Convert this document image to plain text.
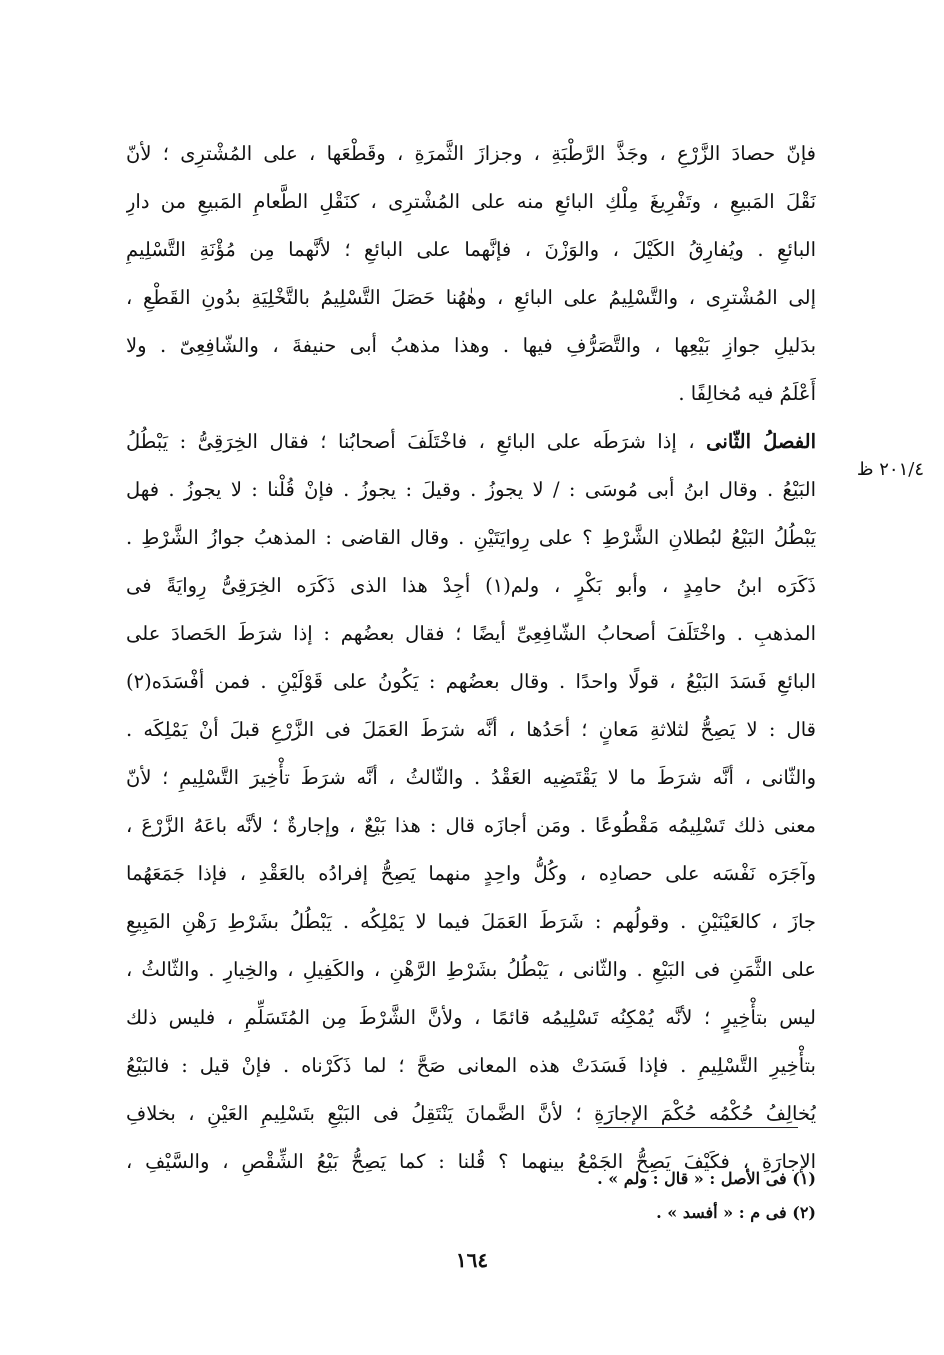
فإنّ حصادَ الزَّرْعِ ، وجَذَّ الرَّطْبَةِ ، وجزازَ الثَّمرَةِ ، وقَطْعَها ، على المُشْترِى ؛ لأنّ
نَقْلَ المَبيعِ ، وتَفْرِيغَ مِلْكِ البائعِ منه على المُشْترِى ، كنَقْلِ الطَّعامِ المَبيعِ من دارِ
البائعِ . ويُفارِقُ الكَيْلَ ، والوَزْنَ ، فإنَّهما على البائعِ ؛ لأنَّهما مِن مُؤْنَةِ التَّسْلِيمِ
إلى المُشْترِى ، والتَّسْلِيمُ على البائعِ ، وهٰهُنا حَصَلَ التَّسْلِيمُ بالتَّخْلِيَةِ بدُونِ القَطْعِ ،
بدَليلِ جوازِ بَيْعِها ، والتَّصَرُّفِ فيها . وهذا مذهبُ أبى حنيفةَ ، والشّافِعِىّ . ولا
أَعْلَمُ فيه مُخالِفًا .
الفصلُ الثّانى ، إذا شرَطَه على البائعِ ، فاخْتَلَفَ أصحابُنا ؛ فقال الخِرَقِىُّ : يَبْطُلُ
البَيْعُ . وقال ابنُ أبى مُوسَى : / لا يجوزُ . وقيلَ : يجوزُ . فإنْ قُلْنا : لا يجوزُ . فهل
يَبْطُلُ البَيْعُ لبُطلانِ الشَّرْطِ ؟ على رِوايَتَيْنِ . وقال القاضى : المذهبُ جوازُ الشَّرْطِ .
ذَكَرَه ابنُ حامِدٍ ، وأبو بَكْرٍ ، ولم(١) أجِدْ هذا الذى ذَكَرَه الخِرَقِىُّ رِوايَةً فى
المذهبِ . واخْتَلَفَ أصحابُ الشّافِعِىِّ أيضًا ؛ فقال بعضُهم : إذا شرَطَ الحَصادَ على
البائعِ فَسَدَ البَيْعُ ، قولًا واحدًا . وقال بعضُهم : يَكُونُ على قَوْلَيْنِ . فمن أفْسَدَه(٢)
قال : لا يَصِحُّ لثلاثةِ مَعانٍ ؛ أحَدُها ، أنَّه شرَطَ العَمَلَ فى الزَّرْعِ قبلَ أنْ يَمْلِكَه .
والثّانى ، أنَّه شرَطَ ما لا يَقْتَضِيه العَقْدُ . والثّالثُ ، أنَّه شرَطَ تأْخِيرَ التَّسْلِيمِ ؛ لأنّ
معنى ذلك تَسْلِيمُه مَقْطُوعًا . ومَن أجازَه قال : هذا بَيْعٌ ، وإجارةٌ ؛ لأنَّه باعَهُ الزَّرْعَ ،
وآجَرَه نَفْسَه على حصادِه ، وكُلُّ واحِدٍ منهما يَصِحُّ إفرادُه بالعَقْدِ ، فإذا جَمَعَهُما
جازَ ، كالعَيْنَيْنِ . وقولُهم : شَرَطَ العَمَلَ فيما لا يَمْلِكُه . يَبْطُلُ بشَرْطِ رَهْنِ المَبِيعِ
على الثَّمَنِ فى البَيْعِ . والثّانى ، يَبْطُلُ بشَرْطِ الرَّهْنِ ، والكَفِيلِ ، والخِيارِ . والثّالثُ ،
ليس بتأْخِيرٍ ؛ لأنَّه يُمْكِنُه تَسْلِيمُه قائمًا ، ولأنَّ الشَّرْطَ مِن المُتَسَلِّمِ ، فليس ذلك
بتأْخِيرِ التَّسْلِيمِ . فإذا فَسَدَتْ هذه المعانى صَحَّ ؛ لما ذَكَرْناه . فإنْ قيل : فالبَيْعُ
يُخالِفُ حُكْمُه حُكْمَ الإجارَةِ ؛ لأنَّ الضَّمانَ يَنْتَقِلُ فى البَيْعِ بتَسْلِيمِ العَيْنِ ، بخلافِ
الإجارَةِ ، فكَيْفَ يَصِحُّ الجَمْعُ بينهما ؟ قُلنا : كما يَصِحُّ بَيْعُ الشِّقْصِ ، والسَّيْفِ ،
٢٠١/٤ ظ
(١) فى الأصل : « قال : ولم » .
(٢) فى م : « أفسد » .
١٦٤
